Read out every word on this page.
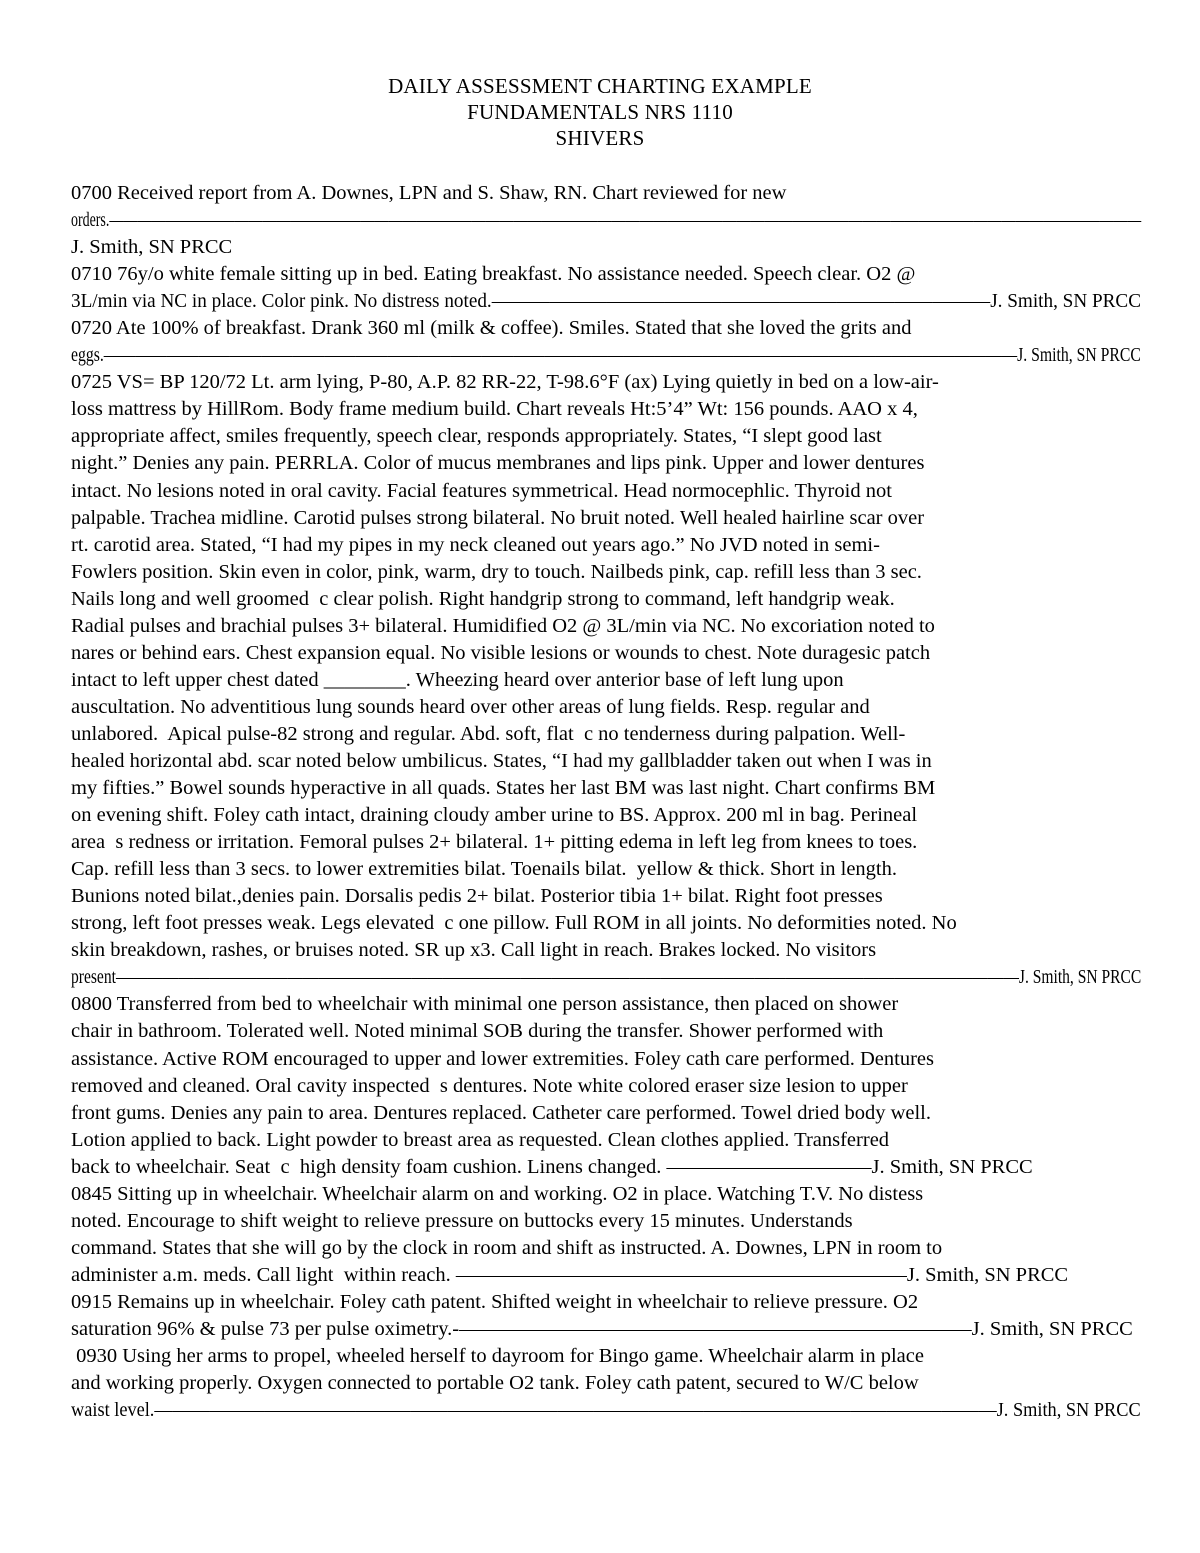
DAILY ASSESSMENT CHARTING EXAMPLE
FUNDAMENTALS NRS 1110
SHIVERS
0700 Received report from A. Downes, LPN and S. Shaw, RN. Chart reviewed for new
orders.——————————————————————————————————————————————————————————————————————————
J. Smith, SN PRCC
0710 76y/o white female sitting up in bed. Eating breakfast. No assistance needed. Speech clear. O2 @
3L/min via NC in place. Color pink. No distress noted.——————————————————————————J. Smith, SN PRCC
0720 Ate 100% of breakfast. Drank 360 ml (milk & coffee). Smiles. Stated that she loved the grits and
eggs.——————————————————————————————————————————————————————————J. Smith, SN PRCC
0725 VS= BP 120/72 Lt. arm lying, P-80, A.P. 82 RR-22, T-98.6°F (ax) Lying quietly in bed on a low-air-
loss mattress by HillRom. Body frame medium build. Chart reveals Ht:5’4” Wt: 156 pounds. AAO x 4,
appropriate affect, smiles frequently, speech clear, responds appropriately. States, “I slept good last
night.” Denies any pain. PERRLA. Color of mucus membranes and lips pink. Upper and lower dentures
intact. No lesions noted in oral cavity. Facial features symmetrical. Head normocephlic. Thyroid not
palpable. Trachea midline. Carotid pulses strong bilateral. No bruit noted. Well healed hairline scar over
rt. carotid area. Stated, “I had my pipes in my neck cleaned out years ago.” No JVD noted in semi-
Fowlers position. Skin even in color, pink, warm, dry to touch. Nailbeds pink, cap. refill less than 3 sec.
Nails long and well groomed  c clear polish. Right handgrip strong to command, left handgrip weak.
Radial pulses and brachial pulses 3+ bilateral. Humidified O2 @ 3L/min via NC. No excoriation noted to
nares or behind ears. Chest expansion equal. No visible lesions or wounds to chest. Note duragesic patch
intact to left upper chest dated ________. Wheezing heard over anterior base of left lung upon
auscultation. No adventitious lung sounds heard over other areas of lung fields. Resp. regular and
unlabored.  Apical pulse-82 strong and regular. Abd. soft, flat  c no tenderness during palpation. Well-
healed horizontal abd. scar noted below umbilicus. States, “I had my gallbladder taken out when I was in
my fifties.” Bowel sounds hyperactive in all quads. States her last BM was last night. Chart confirms BM
on evening shift. Foley cath intact, draining cloudy amber urine to BS. Approx. 200 ml in bag. Perineal
area  s redness or irritation. Femoral pulses 2+ bilateral. 1+ pitting edema in left leg from knees to toes.
Cap. refill less than 3 secs. to lower extremities bilat. Toenails bilat.  yellow & thick. Short in length.
Bunions noted bilat.,denies pain. Dorsalis pedis 2+ bilat. Posterior tibia 1+ bilat. Right foot presses
strong, left foot presses weak. Legs elevated  c one pillow. Full ROM in all joints. No deformities noted. No
skin breakdown, rashes, or bruises noted. SR up x3. Call light in reach. Brakes locked. No visitors
present——————————————————————————————————————————————————————————J. Smith, SN PRCC
0800 Transferred from bed to wheelchair with minimal one person assistance, then placed on shower
chair in bathroom. Tolerated well. Noted minimal SOB during the transfer. Shower performed with
assistance. Active ROM encouraged to upper and lower extremities. Foley cath care performed. Dentures
removed and cleaned. Oral cavity inspected  s dentures. Note white colored eraser size lesion to upper
front gums. Denies any pain to area. Dentures replaced. Catheter care performed. Towel dried body well.
Lotion applied to back. Light powder to breast area as requested. Clean clothes applied. Transferred
back to wheelchair. Seat  c  high density foam cushion. Linens changed. ——————————J. Smith, SN PRCC
0845 Sitting up in wheelchair. Wheelchair alarm on and working. O2 in place. Watching T.V. No distess
noted. Encourage to shift weight to relieve pressure on buttocks every 15 minutes. Understands
command. States that she will go by the clock in room and shift as instructed. A. Downes, LPN in room to
administer a.m. meds. Call light  within reach. ——————————————————————J. Smith, SN PRCC
0915 Remains up in wheelchair. Foley cath patent. Shifted weight in wheelchair to relieve pressure. O2
saturation 96% & pulse 73 per pulse oximetry.-—————————————————————————J. Smith, SN PRCC
0930 Using her arms to propel, wheeled herself to dayroom for Bingo game. Wheelchair alarm in place
and working properly. Oxygen connected to portable O2 tank. Foley cath patent, secured to W/C below
waist level.——————————————————————————————————————————————J. Smith, SN PRCC
